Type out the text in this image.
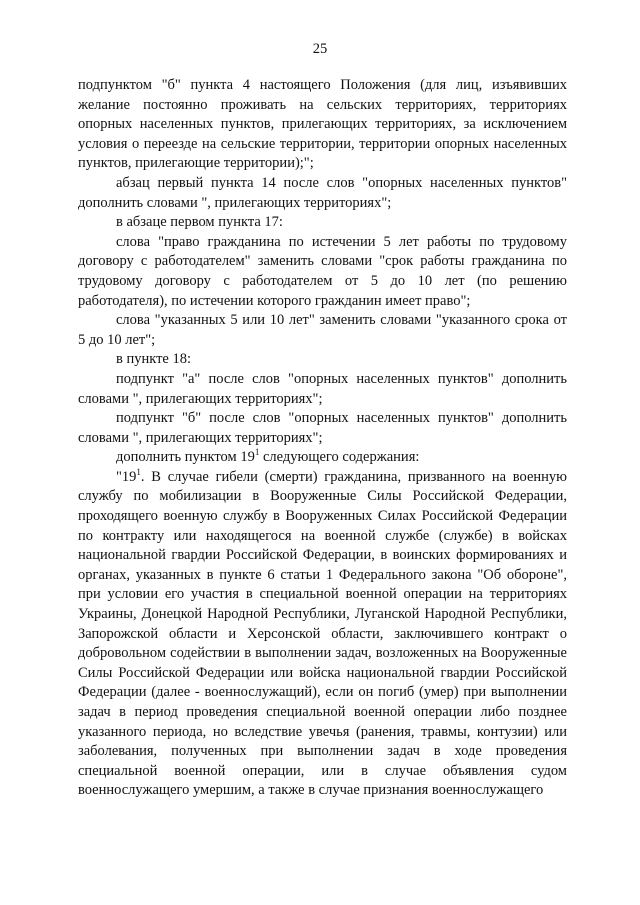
25

подпунктом "б" пункта 4 настоящего Положения (для лиц, изъявивших желание постоянно проживать на сельских территориях, территориях опорных населенных пунктов, прилегающих территориях, за исключением условия о переезде на сельские территории, территории опорных населенных пунктов, прилегающие территории);";

абзац первый пункта 14 после слов "опорных населенных пунктов" дополнить словами ", прилегающих территориях";

в абзаце первом пункта 17:

слова "право гражданина по истечении 5 лет работы по трудовому договору с работодателем" заменить словами "срок работы гражданина по трудовому договору с работодателем от 5 до 10 лет (по решению работодателя), по истечении которого гражданин имеет право";

слова "указанных 5 или 10 лет" заменить словами "указанного срока от 5 до 10 лет";

в пункте 18:

подпункт "а" после слов "опорных населенных пунктов" дополнить словами ", прилегающих территориях";

подпункт "б" после слов "опорных населенных пунктов" дополнить словами ", прилегающих территориях";

дополнить пунктом $19^1$ следующего содержания:

"$19^1$. В случае гибели (смерти) гражданина, призванного на военную службу по мобилизации в Вооруженные Силы Российской Федерации, проходящего военную службу в Вооруженных Силах Российской Федерации по контракту или находящегося на военной службе (службе) в войсках национальной гвардии Российской Федерации, в воинских формированиях и органах, указанных в пункте 6 статьи 1 Федерального закона "Об обороне", при условии его участия в специальной военной операции на территориях Украины, Донецкой Народной Республики, Луганской Народной Республики, Запорожской области и Херсонской области, заключившего контракт о добровольном содействии в выполнении задач, возложенных на Вооруженные Силы Российской Федерации или войска национальной гвардии Российской Федерации (далее - военнослужащий), если он погиб (умер) при выполнении задач в период проведения специальной военной операции либо позднее указанного периода, но вследствие увечья (ранения, травмы, контузии) или заболевания, полученных при выполнении задач в ходе проведения специальной военной операции, или в случае объявления судом военнослужащего умершим, а также в случае признания военнослужащего
